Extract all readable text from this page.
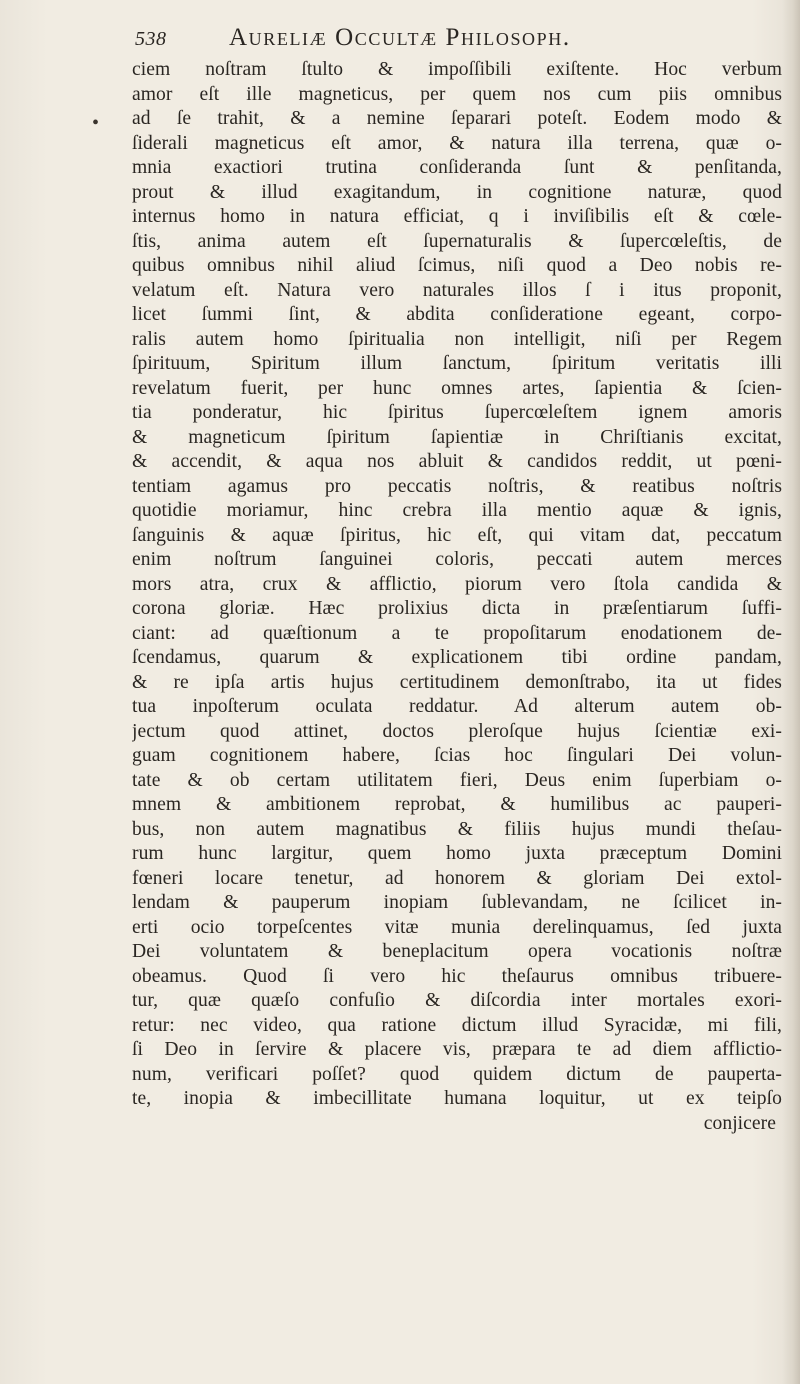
538	Aureliæ Occultæ Philosoph.
•
ciem noſtram ſtulto & impoſſibili exiſtente. Hoc verbum
amor eſt ille magneticus, per quem nos cum piis omnibus
ad ſe trahit, & a nemine ſeparari poteſt. Eodem modo &
ſiderali magneticus eſt amor, & natura illa terrena, quæ o-
mnia exactiori trutina conſideranda ſunt & penſitanda,
prout & illud exagitandum, in cognitione naturæ, quod
internus homo in natura efficiat, q i inviſibilis eſt & cœle-
ſtis, anima autem eſt ſupernaturalis & ſupercœleſtis, de
quibus omnibus nihil aliud ſcimus, niſi quod a Deo nobis re-
velatum eſt. Natura vero naturales illos ſ i itus proponit,
licet ſummi ſint, & abdita conſideratione egeant, corpo-
ralis autem homo ſpiritualia non intelligit, niſi per Regem
ſpirituum, Spiritum illum ſanctum, ſpiritum veritatis illi
revelatum fuerit, per hunc omnes artes, ſapientia & ſcien-
tia ponderatur, hic ſpiritus ſupercœleſtem ignem amoris
& magneticum ſpiritum ſapientiæ in Chriſtianis excitat,
& accendit, & aqua nos abluit & candidos reddit, ut pœni-
tentiam agamus pro peccatis noſtris, & reatibus noſtris
quotidie moriamur, hinc crebra illa mentio aquæ & ignis,
ſanguinis & aquæ ſpiritus, hic eſt, qui vitam dat, peccatum
enim noſtrum ſanguinei coloris, peccati autem merces
mors atra, crux & afflictio, piorum vero ſtola candida &
corona gloriæ. Hæc prolixius dicta in præſentiarum ſuffi-
ciant: ad quæſtionum a te propoſitarum enodationem de-
ſcendamus, quarum & explicationem tibi ordine pandam,
& re ipſa artis hujus certitudinem demonſtrabo, ita ut fides
tua inpoſterum oculata reddatur. Ad alterum autem ob-
jectum quod attinet, doctos pleroſque hujus ſcientiæ exi-
guam cognitionem habere, ſcias hoc ſingulari Dei volun-
tate & ob certam utilitatem fieri, Deus enim ſuperbiam o-
mnem & ambitionem reprobat, & humilibus ac pauperi-
bus, non autem magnatibus & filiis hujus mundi theſau-
rum hunc largitur, quem homo juxta præceptum Domini
fœneri locare tenetur, ad honorem & gloriam Dei extol-
lendam & pauperum inopiam ſublevandam, ne ſcilicet in-
erti ocio torpeſcentes vitæ munia derelinquamus, ſed juxta
Dei voluntatem & beneplacitum opera vocationis noſtræ
obeamus. Quod ſi vero hic theſaurus omnibus tribuere-
tur, quæ quæſo confuſio & diſcordia inter mortales exori-
retur: nec video, qua ratione dictum illud Syracidæ, mi fili,
ſi Deo in ſervire & placere vis, præpara te ad diem afflictio-
num, verificari poſſet? quod quidem dictum de pauperta-
te, inopia & imbecillitate humana loquitur, ut ex teipſo
conjicere
